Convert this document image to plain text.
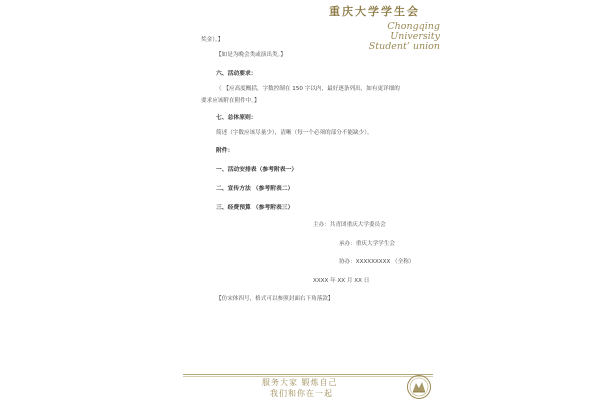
重庆大学学生会
Chongqing
University
Student’ union
奖金）。】
【如是为晚会类或演出类。】
六、活动要求：
（ 【应高度概括，字数控制在 150 字以内，最好逐条列出，如有更详细的
要求应该附在附件中。】
七、总体原则：
简述（字数应该尽量少），清晰（每一个必须的部分不能缺少）。
附件：
一、活动安排表（参考附表一）
二、宣传方法 （参考附表二）
三、经费预算 （参考附表三）
主办：共青团重庆大学委员会
承办：重庆大学学生会
协办：XXXXXXXXX （全称）
XXXX 年 XX 月 XX 日
【仿宋体四号，格式可以参照封面右下角落款】
服务大家 锻炼自己
我们和你在一起
